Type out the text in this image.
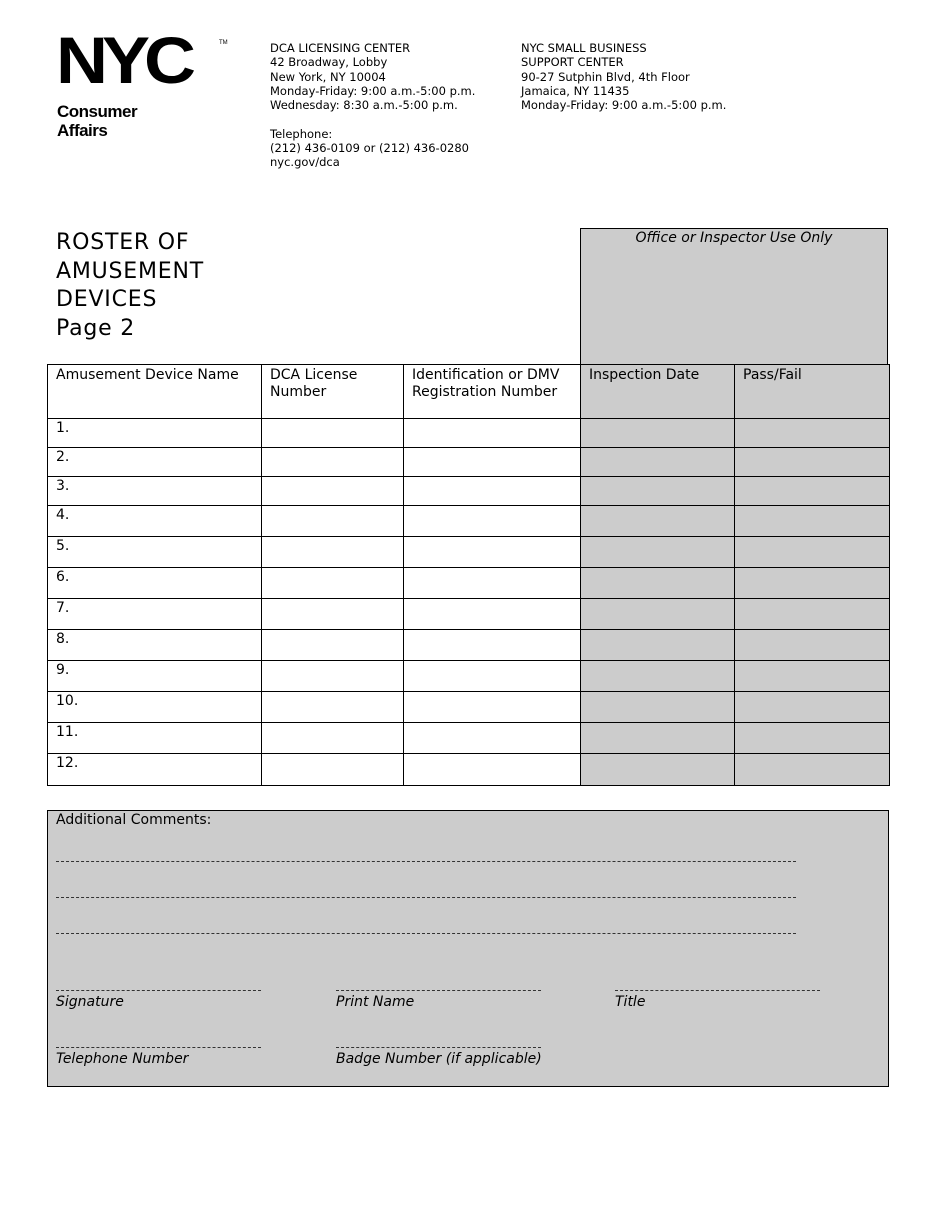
NYC	TM
Consumer
Affairs
DCA LICENSING CENTER
42 Broadway, Lobby
New York, NY 10004
Monday-Friday: 9:00 a.m.-5:00 p.m.
Wednesday: 8:30 a.m.-5:00 p.m.
Telephone:
(212) 436-0109 or (212) 436-0280
nyc.gov/dca
NYC SMALL BUSINESS
SUPPORT CENTER
90-27 Sutphin Blvd, 4th Floor
Jamaica, NY 11435
Monday-Friday: 9:00 a.m.-5:00 p.m.
ROSTER OF
AMUSEMENT
DEVICES
Page 2
Office or Inspector Use Only
Amusement Device Name	DCA License Number	Identification or DMV Registration Number	Inspection Date	Pass/Fail
1.				
2.				
3.				
4.				
5.				
6.				
7.				
8.				
9.				
10.				
11.				
12.				
Additional Comments:
Signature	Print Name	Title
Telephone Number	Badge Number (if applicable)
